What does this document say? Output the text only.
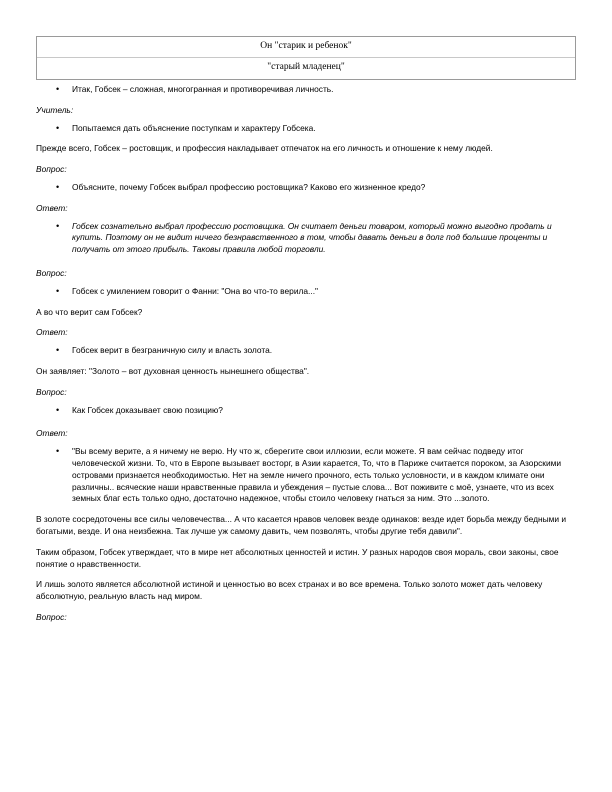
Он "старик и ребенок"
"старый младенец"
• Итак, Гобсек – сложная, многогранная и противоречивая личность.
Учитель:
• Попытаемся дать объяснение поступкам и характеру Гобсека.
Прежде всего, Гобсек – ростовщик, и профессия накладывает отпечаток на его личность и отношение к нему людей.
Вопрос:
• Объясните, почему Гобсек выбрал профессию ростовщика? Каково его жизненное кредо?
Ответ:
• Гобсек сознательно выбрал профессию ростовщика. Он считает деньги товаром, который можно выгодно продать и купить. Поэтому он не видит ничего безнравственного в том, чтобы давать деньги в долг под большие проценты и получать от этого прибыль. Таковы правила любой торговли.
Вопрос:
• Гобсек с умилением говорит о Фанни: "Она во что-то верила..."
А во что верит сам Гобсек?
Ответ:
• Гобсек верит в безграничную силу и власть золота.
Он заявляет: "Золото – вот духовная ценность нынешнего общества".
Вопрос:
• Как Гобсек доказывает свою позицию?
Ответ:
• "Вы всему верите, а я ничему не верю. Ну что ж, сберегите свои иллюзии, если можете. Я вам сейчас подведу итог человеческой жизни. То, что в Европе вызывает восторг, в Азии карается, То, что в Париже считается пороком, за Азорскими островами признается необходимостью. Нет на земле ничего прочного, есть только условности, и в каждом климате они различны.. всяческие наши нравственные правила и убеждения – пустые слова... Вот поживите с моё, узнаете, что из всех земных благ есть только одно, достаточно надежное, чтобы стоило человеку гнаться за ним. Это ...золото.
В золоте сосредоточены все силы человечества... А что касается нравов человек везде одинаков: везде идет борьба между бедными и богатыми, везде. И она неизбежна. Так лучше уж самому давить, чем позволять, чтобы другие тебя давили".
Таким образом, Гобсек утверждает, что в мире нет абсолютных ценностей и истин. У разных народов своя мораль, свои законы, свое понятие о нравственности.
И лишь золото является абсолютной истиной и ценностью во всех странах и во все времена. Только золото может дать человеку абсолютную, реальную власть над миром.
Вопрос:
